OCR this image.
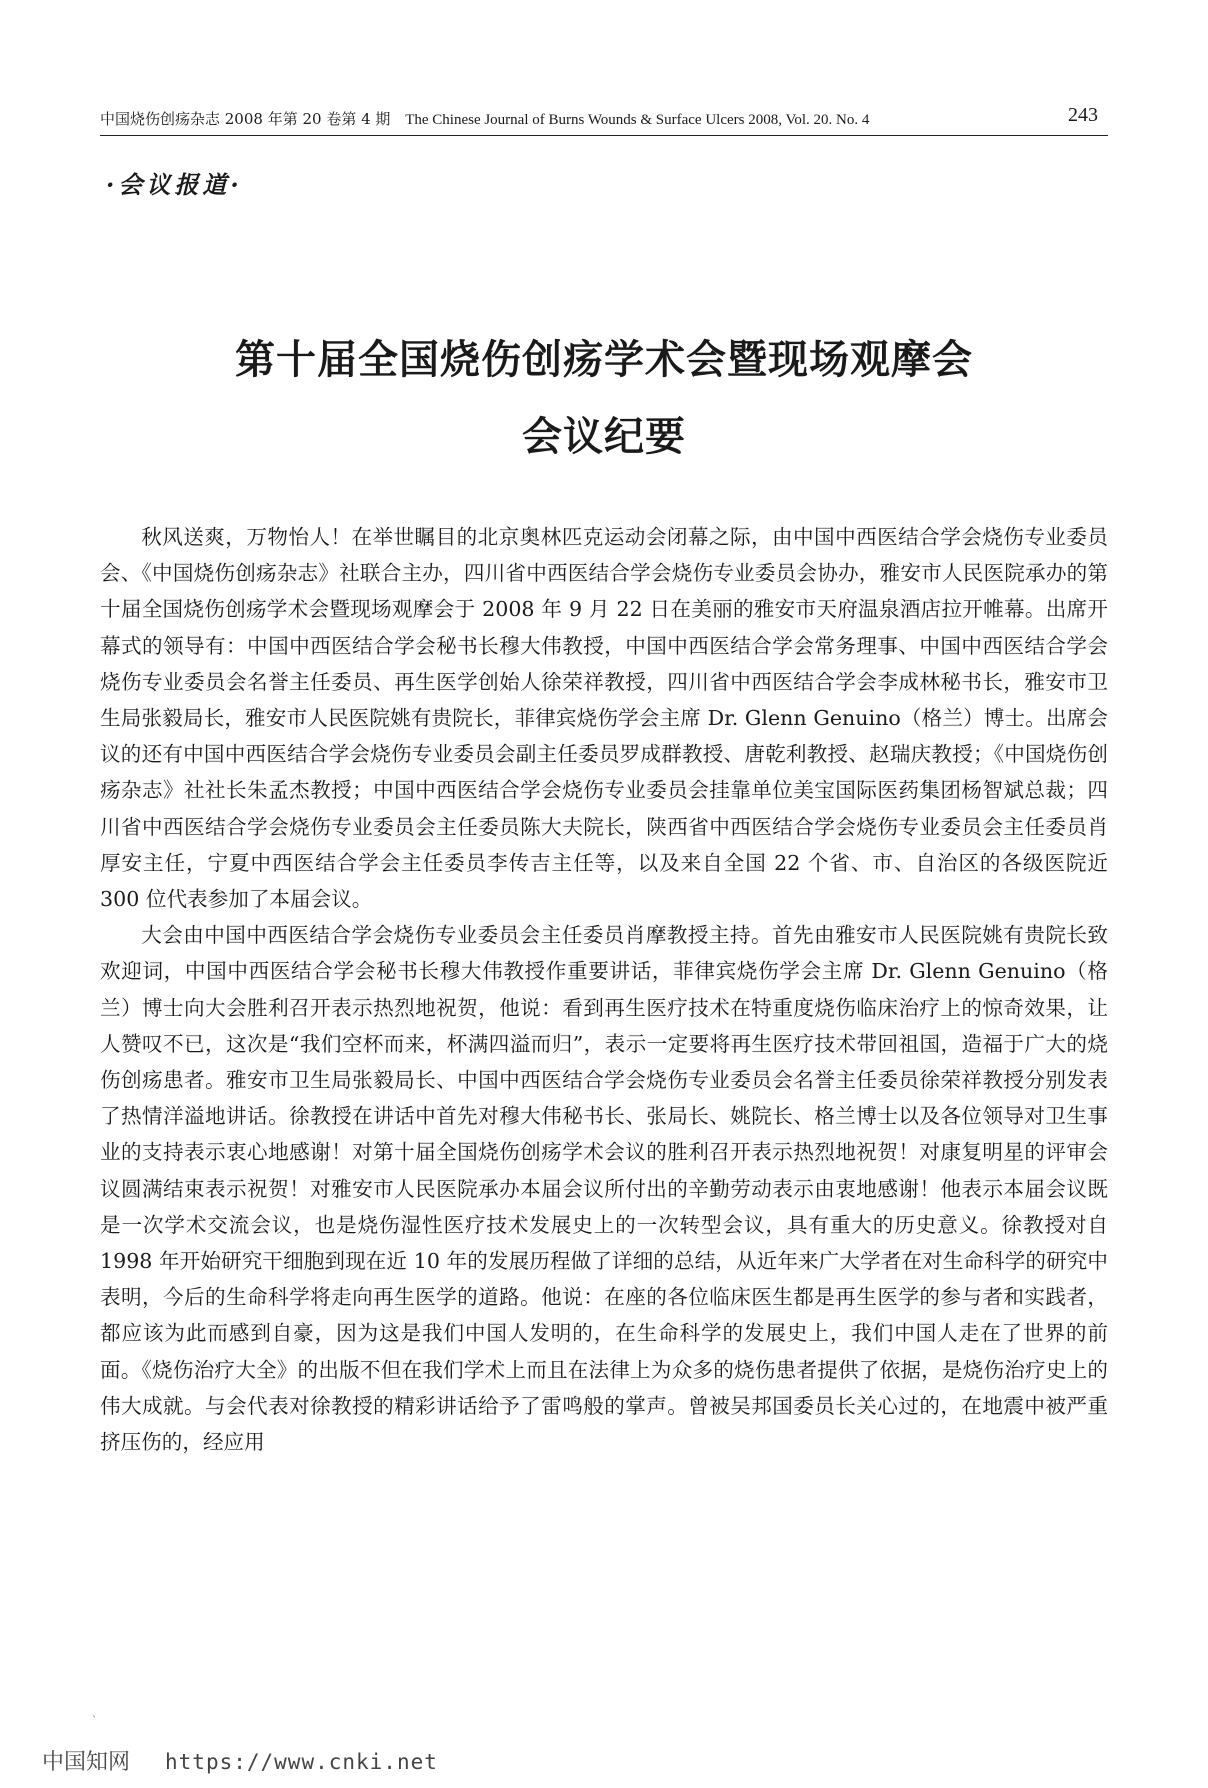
中国烧伤创疡杂志 2008 年第 20 卷第 4 期 The Chinese Journal of Burns Wounds & Surface Ulcers 2008, Vol. 20. No. 4	243
·会议报道·
第十届全国烧伤创疡学术会暨现场观摩会
会议纪要

秋风送爽，万物怡人！在举世瞩目的北京奥林匹克运动会闭幕之际，由中国中西医结合学会烧伤专业委员会、《中国烧伤创疡杂志》社联合主办，四川省中西医结合学会烧伤专业委员会协办，雅安市人民医院承办的第十届全国烧伤创疡学术会暨现场观摩会于 2008 年 9 月 22 日在美丽的雅安市天府温泉酒店拉开帷幕。出席开幕式的领导有：中国中西医结合学会秘书长穆大伟教授，中国中西医结合学会常务理事、中国中西医结合学会烧伤专业委员会名誉主任委员、再生医学创始人徐荣祥教授，四川省中西医结合学会李成林秘书长，雅安市卫生局张毅局长，雅安市人民医院姚有贵院长，菲律宾烧伤学会主席 Dr. Glenn Genuino（格兰）博士。出席会议的还有中国中西医结合学会烧伤专业委员会副主任委员罗成群教授、唐乾利教授、赵瑞庆教授；《中国烧伤创疡杂志》社社长朱孟杰教授；中国中西医结合学会烧伤专业委员会挂靠单位美宝国际医药集团杨智斌总裁；四川省中西医结合学会烧伤专业委员会主任委员陈大夫院长，陕西省中西医结合学会烧伤专业委员会主任委员肖厚安主任，宁夏中西医结合学会主任委员李传吉主任等，以及来自全国 22 个省、市、自治区的各级医院近 300 位代表参加了本届会议。

大会由中国中西医结合学会烧伤专业委员会主任委员肖摩教授主持。首先由雅安市人民医院姚有贵院长致欢迎词，中国中西医结合学会秘书长穆大伟教授作重要讲话，菲律宾烧伤学会主席 Dr. Glenn Genuino（格兰）博士向大会胜利召开表示热烈地祝贺，他说：看到再生医疗技术在特重度烧伤临床治疗上的惊奇效果，让人赞叹不已，这次是“我们空杯而来，杯满四溢而归”，表示一定要将再生医疗技术带回祖国，造福于广大的烧伤创疡患者。雅安市卫生局张毅局长、中国中西医结合学会烧伤专业委员会名誉主任委员徐荣祥教授分别发表了热情洋溢地讲话。徐教授在讲话中首先对穆大伟秘书长、张局长、姚院长、格兰博士以及各位领导对卫生事业的支持表示衷心地感谢！对第十届全国烧伤创疡学术会议的胜利召开表示热烈地祝贺！对康复明星的评审会议圆满结束表示祝贺！对雅安市人民医院承办本届会议所付出的辛勤劳动表示由衷地感谢！他表示本届会议既是一次学术交流会议，也是烧伤湿性医疗技术发展史上的一次转型会议，具有重大的历史意义。徐教授对自 1998 年开始研究干细胞到现在近 10 年的发展历程做了详细的总结，从近年来广大学者在对生命科学的研究中表明，今后的生命科学将走向再生医学的道路。他说：在座的各位临床医生都是再生医学的参与者和实践者，都应该为此而感到自豪，因为这是我们中国人发明的，在生命科学的发展史上，我们中国人走在了世界的前面。《烧伤治疗大全》的出版不但在我们学术上而且在法律上为众多的烧伤患者提供了依据，是烧伤治疗史上的伟大成就。与会代表对徐教授的精彩讲话给予了雷鸣般的掌声。曾被吴邦国委员长关心过的，在地震中被严重挤压伤的，经应用

`
中国知网 https://www.cnki.net
